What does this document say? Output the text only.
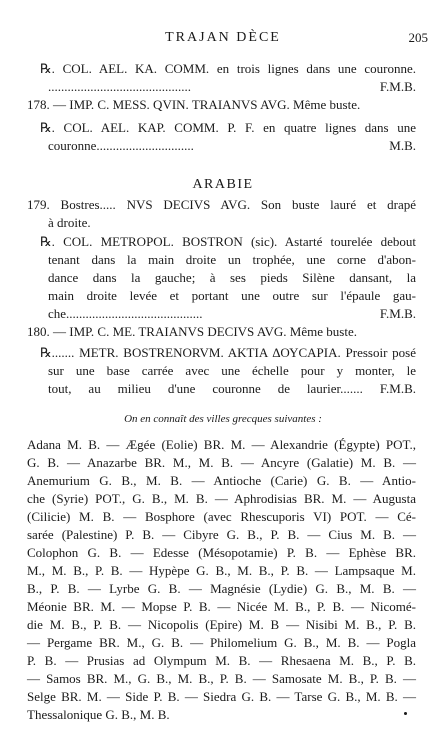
TRAJAN DÈCE	205
℞. COL. AEL. KA. COMM. en trois lignes dans une couronne.
............................................ F.M.B.
178. — IMP. C. MESS. QVIN. TRAIANVS AVG. Même buste.
℞. COL. AEL. KAP. COMM. P. F. en quatre lignes dans une
couronne.............................. M.B.
ARABIE
179. Bostres..... NVS DECIVS AVG. Son buste lauré et drapé
à droite.
℞. COL. METROPOL. BOSTRON (sic). Astarté tourelée debout
tenant dans la main droite un trophée, une corne d'abon-
dance dans la gauche; à ses pieds Silène dansant, la
main droite levée et portant une outre sur l'épaule gau-
che.......................................... F.M.B.
180. — IMP. C. ME. TRAIANVS DECIVS AVG. Même buste.
℞....... METR. BOSTRENORVM. AKTIA ΔΟΥCAPIA. Pressoir posé
sur une base carrée avec une échelle pour y monter, le
tout, au milieu d'une couronne de laurier....... F.M.B.
On en connaît des villes grecques suivantes :
Adana M. B. — Ægée (Eolie) BR. M. — Alexandrie (Égypte) POT.,
G. B. — Anazarbe BR. M., M. B. — Ancyre (Galatie) M. B. —
Anemurium G. B., M. B. — Antioche (Carie) G. B. — Antio-
che (Syrie) POT., G. B., M. B. — Aphrodisias BR. M. — Augusta
(Cilicie) M. B. — Bosphore (avec Rhescuporis VI) POT. — Cé-
sarée (Palestine) P. B. — Cibyre G. B., P. B. — Cius M. B. —
Colophon G. B. — Edesse (Mésopotamie) P. B. — Ephèse BR.
M., M. B., P. B. — Hypèpe G. B., M. B., P. B. — Lampsaque M.
B., P. B. — Lyrbe G. B. — Magnésie (Lydie) G. B., M. B. —
Méonie BR. M. — Mopse P. B. — Nicée M. B., P. B. — Nicomé-
die M. B., P. B. — Nicopolis (Epire) M. B — Nisibi M. B., P. B.
— Pergame BR. M., G. B. — Philomelium G. B., M. B. — Pogla
P. B. — Prusias ad Olympum M. B. — Rhesaena M. B., P. B.
— Samos BR. M., G. B., M. B., P. B. — Samosate M. B., P. B. —
Selge BR. M. — Side P. B. — Siedra G. B. — Tarse G. B., M. B. —
Thessalonique G. B., M. B.
